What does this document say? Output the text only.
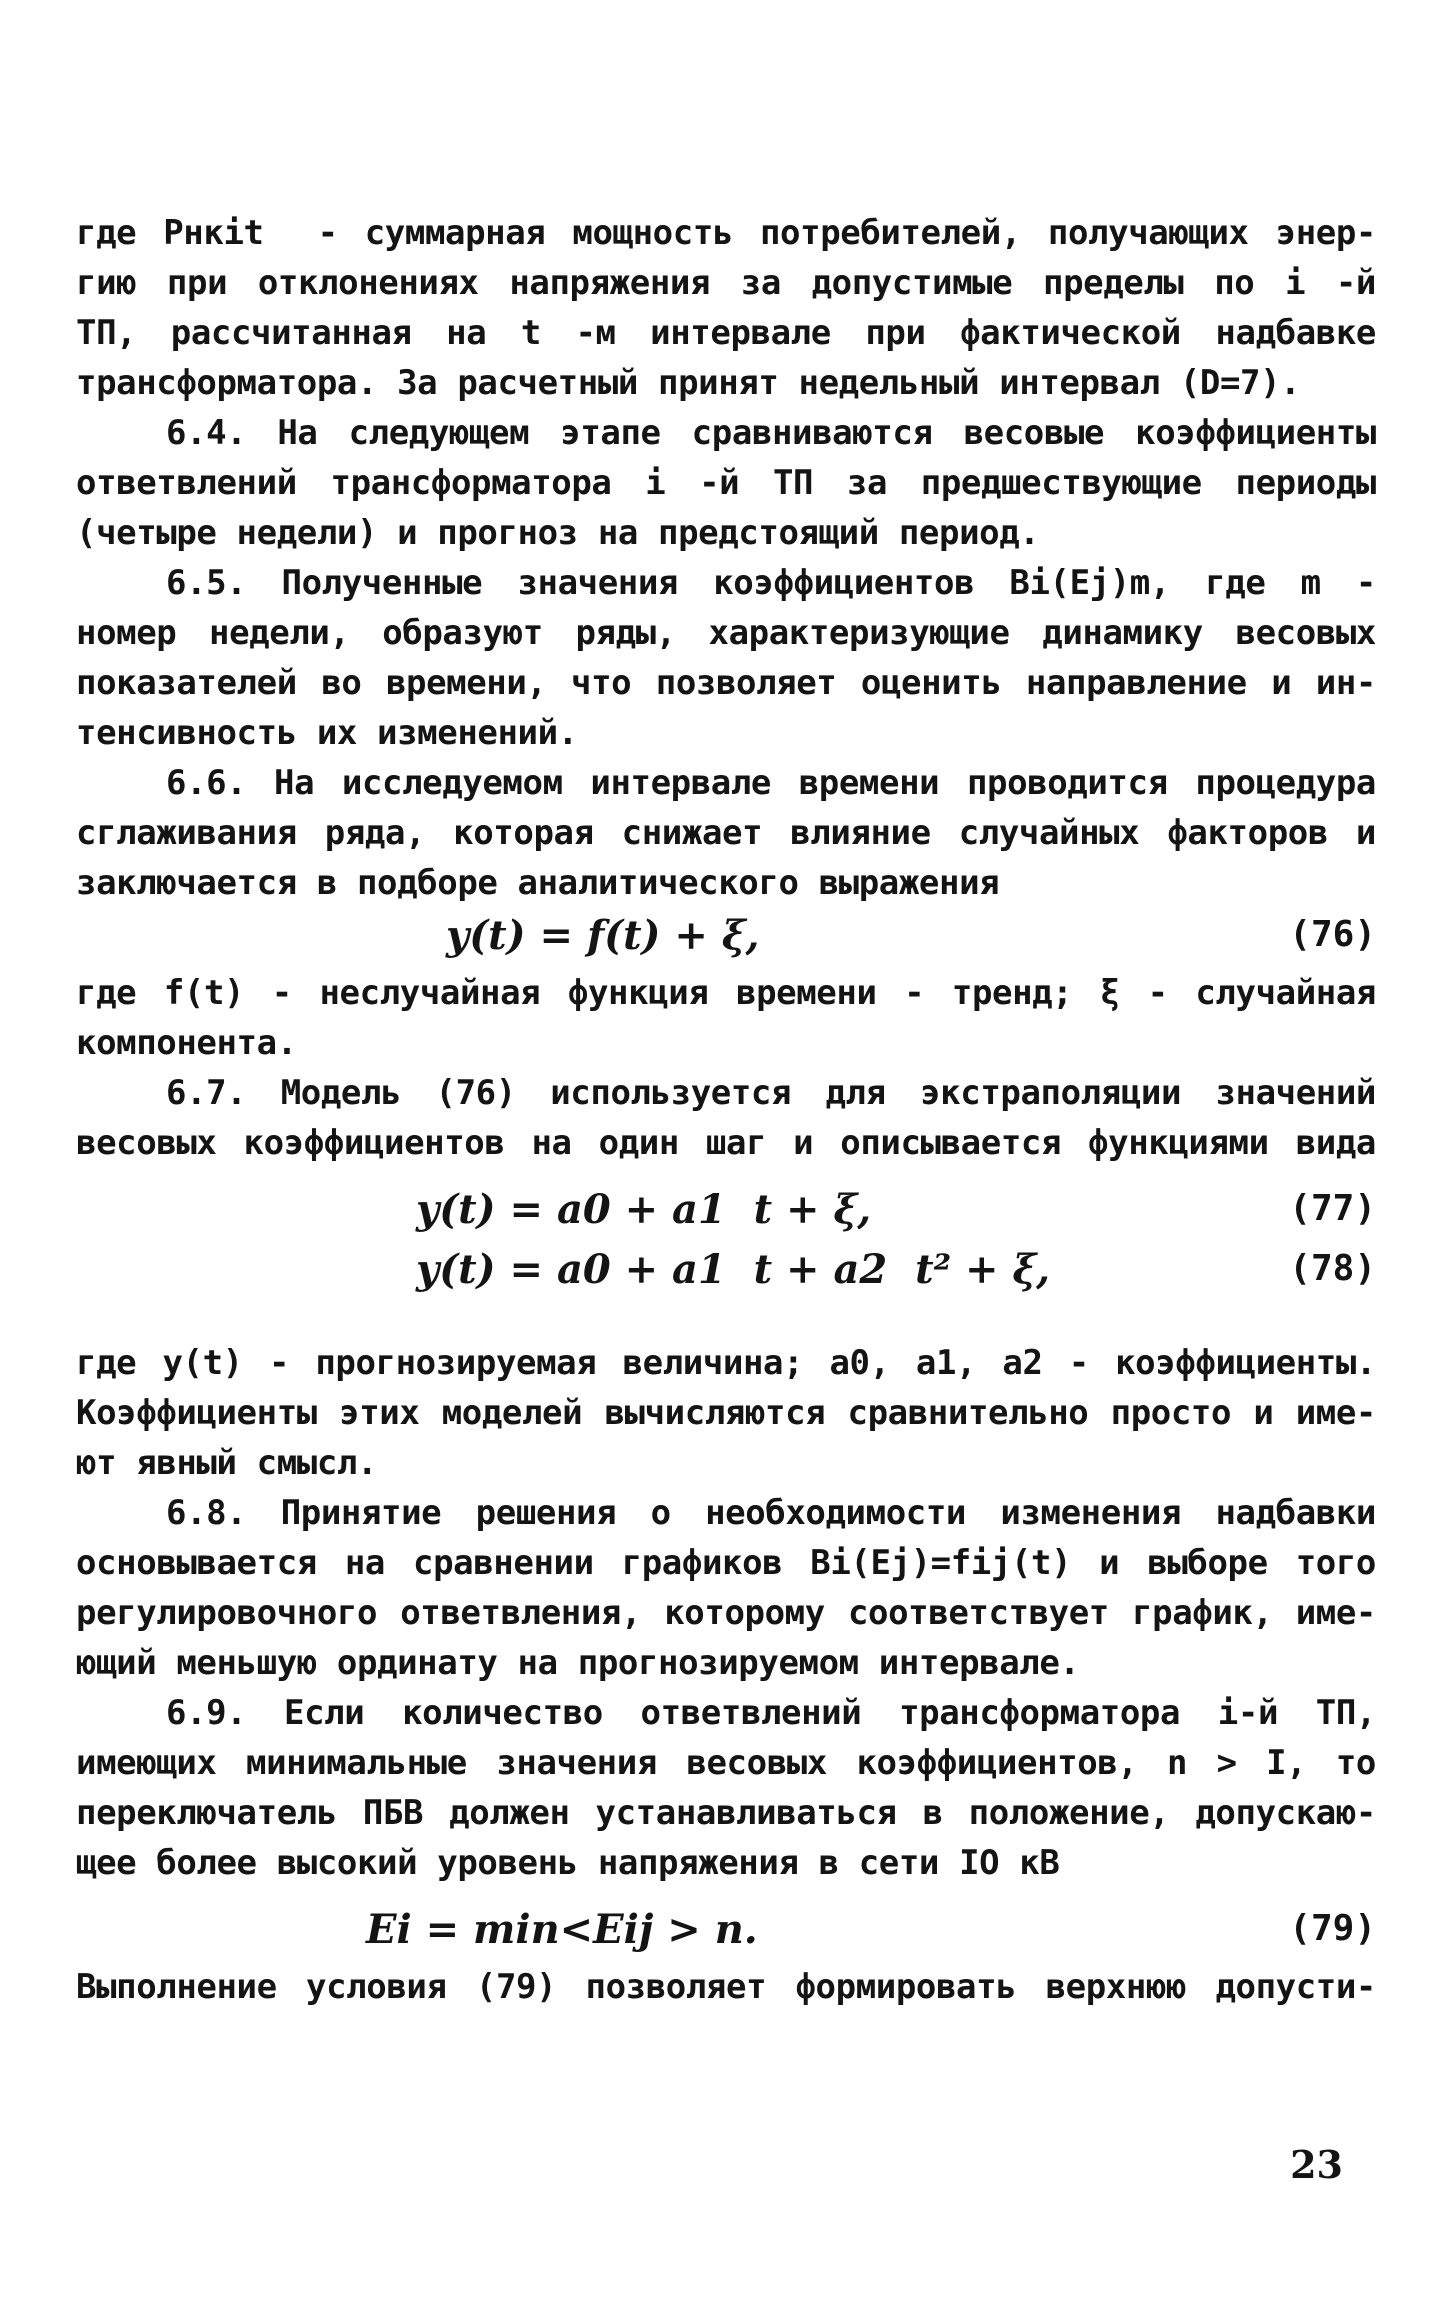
где Pнкit  - суммарная мощность потребителей, получающих энер-
гию при отклонениях напряжения за допустимые пределы по i -й
ТП, рассчитанная на t -м интервале при фактической надбавке
трансформатора. За расчетный принят недельный интервал (D=7).
6.4. На следующем этапе сравниваются весовые коэффициенты
ответвлений трансформатора i -й ТП за предшествующие периоды
(четыре недели) и прогноз на предстоящий период.
6.5. Полученные значения коэффициентов Bi(Ej)m, где m -
номер недели, образуют ряды, характеризующие динамику весовых
показателей во времени, что позволяет оценить направление и ин-
тенсивность их изменений.
6.6. На исследуемом интервале времени проводится процедура
сглаживания ряда, которая снижает влияние случайных факторов и
заключается в подборе аналитического выражения
y(t) = f(t) + ξ,	(76)
где f(t) - неслучайная функция времени - тренд; ξ - случайная
компонента.
6.7. Модель (76) используется для экстраполяции значений
весовых коэффициентов на один шаг и описывается функциями вида
y(t) = a0 + a1  t + ξ,	(77)
y(t) = a0 + a1  t + a2  t² + ξ,	(78)
где y(t) - прогнозируемая величина; a0, a1, a2 - коэффициенты.
Коэффициенты этих моделей вычисляются сравнительно просто и име-
ют явный смысл.
6.8. Принятие решения о необходимости изменения надбавки
основывается на сравнении графиков Bi(Ej)=fij(t) и выборе того
регулировочного ответвления, которому соответствует график, име-
ющий меньшую ординату на прогнозируемом интервале.
6.9. Если количество ответвлений трансформатора i-й ТП,
имеющих минимальные значения весовых коэффициентов, n > I, то
переключатель ПБВ должен устанавливаться в положение, допускаю-
щее более высокий уровень напряжения в сети IO кВ
Ei = min<Eij > n.	(79)
Выполнение условия (79) позволяет формировать верхнюю допусти-
23
